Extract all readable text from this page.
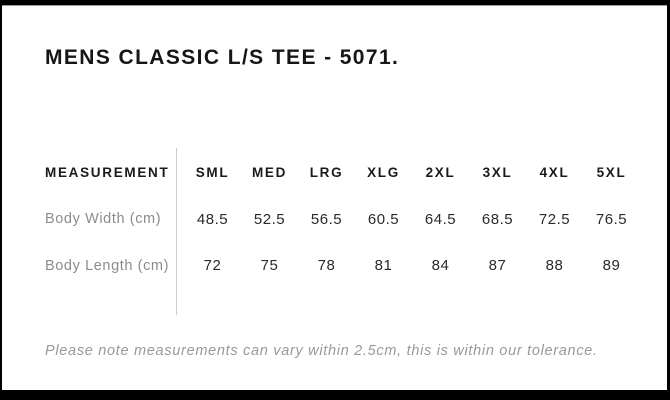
MENS CLASSIC L/S TEE - 5071.
MEASUREMENT	SML	MED	LRG	XLG	2XL	3XL	4XL	5XL
Body Width (cm)	48.5	52.5	56.5	60.5	64.5	68.5	72.5	76.5
Body Length (cm)	72	75	78	81	84	87	88	89

Please note measurements can vary within 2.5cm, this is within our tolerance.
